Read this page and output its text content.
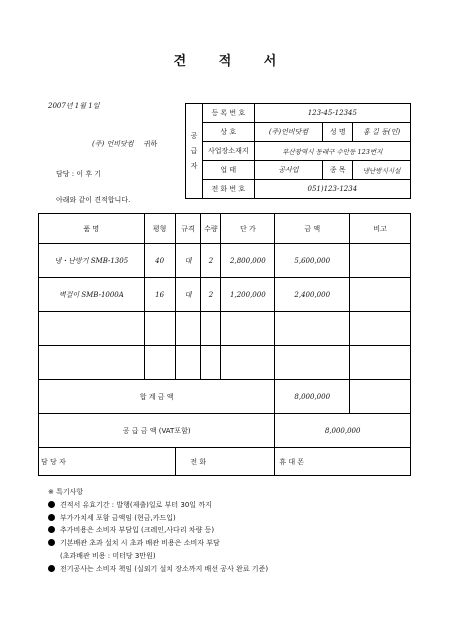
견 적 서
2007년 1월 1일
(주) 언비닷컴 귀하
담당 : 이 후 기
아래와 같이 견적합니다.
공
급
자	등 록 번 호	123-45-12345		
	상 호	(주)언비닷컴	성 명	홍 길 동(인)
	사업장소재지	부산광역시 동래구 수안동 123번지		
	업 태	공사업	종 목	냉난방시시설
	전 화 번 호	051)123-1234		
품 명		평형	규격	수량	단 가	금 액	비고
냉・난방기 SMB-1305		40	대	2	2,800,000	5,600,000	
벽걸이 SMB-1000A		16	대	2	1,200,000	2,400,000	

합 계 금 액						8,000,000	
공 급 금 액 (VAT포함)						8,000,000	
담 당 자			전 화			휴 대 폰	
※ 특기사항
견적서 유효기간 : 발행(제출)일로 부터 30일 까지
부가가치세 포함 금액임 (현금,카드입)
추가비용은 소비자 부담입 (크레인,사다리 차량 등)
기본배관 초과 설치 시 초과 배관 비용은 소비자 부담
(초과배관 비용 : 미터당 3만원)
전기공사는 소비자 책임 (실외기 설치 장소까지 배선 공사 완료 기준)
